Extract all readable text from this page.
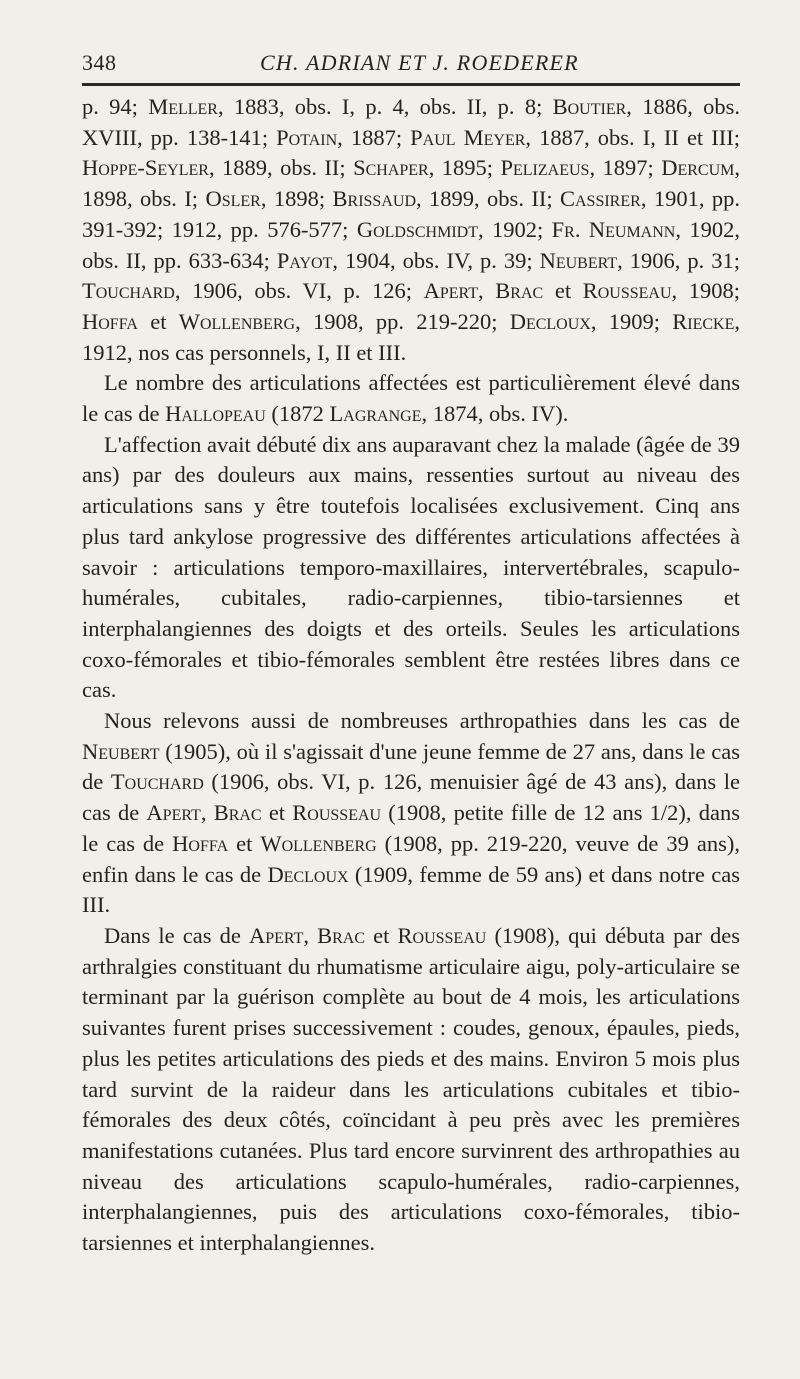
348	CH. ADRIAN ET J. ROEDERER

p. 94; Meller, 1883, obs. I, p. 4, obs. II, p. 8; Boutier, 1886, obs. XVIII, pp. 138-141; Potain, 1887; Paul Meyer, 1887, obs. I, II et III; Hoppe-Seyler, 1889, obs. II; Schaper, 1895; Pelizaeus, 1897; Dercum, 1898, obs. I; Osler, 1898; Brissaud, 1899, obs. II; Cassirer, 1901, pp. 391-392; 1912, pp. 576-577; Goldschmidt, 1902; Fr. Neumann, 1902, obs. II, pp. 633-634; Payot, 1904, obs. IV, p. 39; Neubert, 1906, p. 31; Touchard, 1906, obs. VI, p. 126; Apert, Brac et Rousseau, 1908; Hoffa et Wollenberg, 1908, pp. 219-220; Decloux, 1909; Riecke, 1912, nos cas personnels, I, II et III.

Le nombre des articulations affectées est particulièrement élevé dans le cas de Hallopeau (1872 Lagrange, 1874, obs. IV).

L'affection avait débuté dix ans auparavant chez la malade (âgée de 39 ans) par des douleurs aux mains, ressenties surtout au niveau des articulations sans y être toutefois localisées exclusivement. Cinq ans plus tard ankylose progressive des différentes articulations affectées à savoir : articulations temporo-maxillaires, intervertébrales, scapulo-humérales, cubitales, radio-carpiennes, tibio-tarsiennes et interphalangiennes des doigts et des orteils. Seules les articulations coxo-fémorales et tibio-fémorales semblent être restées libres dans ce cas.

Nous relevons aussi de nombreuses arthropathies dans les cas de Neubert (1905), où il s'agissait d'une jeune femme de 27 ans, dans le cas de Touchard (1906, obs. VI, p. 126, menuisier âgé de 43 ans), dans le cas de Apert, Brac et Rousseau (1908, petite fille de 12 ans 1/2), dans le cas de Hoffa et Wollenberg (1908, pp. 219-220, veuve de 39 ans), enfin dans le cas de Decloux (1909, femme de 59 ans) et dans notre cas III.

Dans le cas de Apert, Brac et Rousseau (1908), qui débuta par des arthralgies constituant du rhumatisme articulaire aigu, poly-articulaire se terminant par la guérison complète au bout de 4 mois, les articulations suivantes furent prises successivement : coudes, genoux, épaules, pieds, plus les petites articulations des pieds et des mains. Environ 5 mois plus tard survint de la raideur dans les articulations cubitales et tibio-fémorales des deux côtés, coïncidant à peu près avec les premières manifestations cutanées. Plus tard encore survinrent des arthropathies au niveau des articulations scapulo-humérales, radio-carpiennes, interphalangiennes, puis des articulations coxo-fémorales, tibio-tarsiennes et interphalangiennes.
